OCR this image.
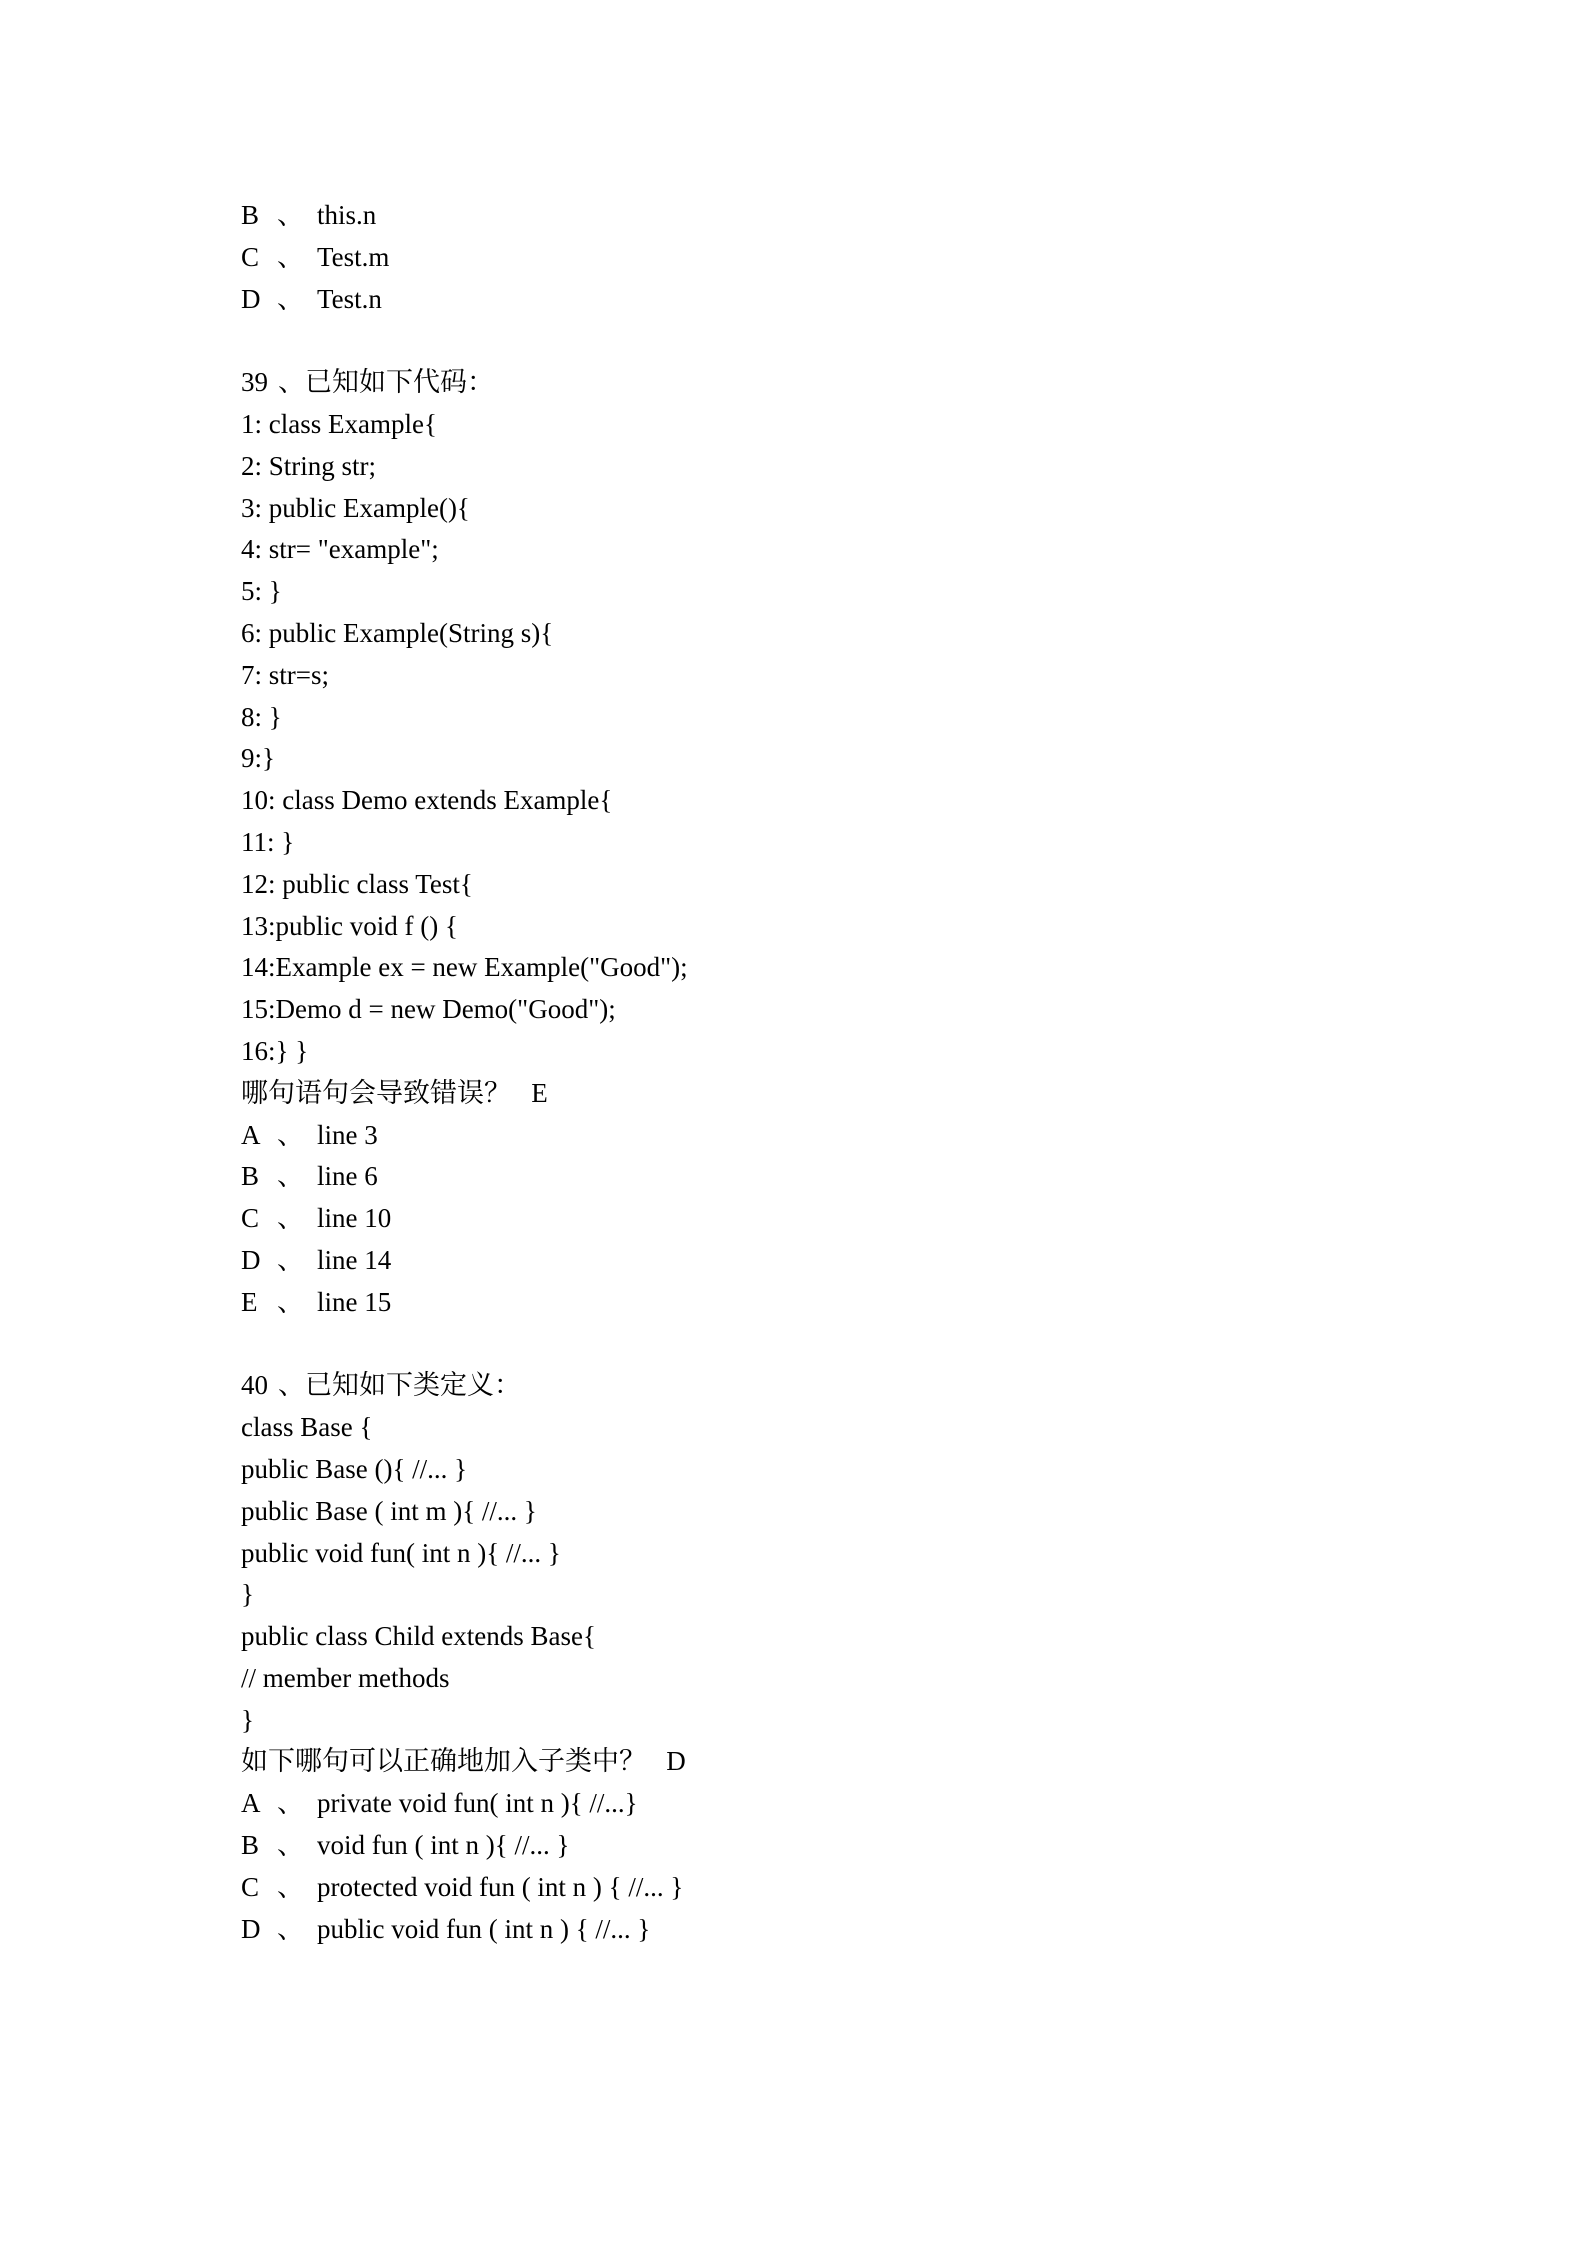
B 、 this.n
C 、 Test.m
D 、 Test.n
39 、已知如下代码：
1: class Example{
2: String str;
3: public Example(){
4: str= "example";
5: }
6: public Example(String s){
7: str=s;
8: }
9:}
10: class Demo extends Example{
11: }
12: public class Test{
13:public void f () {
14:Example ex = new Example("Good");
15:Demo d = new Demo("Good");
16:} }
哪句语句会导致错误？ E
A 、 line 3
B 、 line 6
C 、 line 10
D 、 line 14
E 、 line 15
40 、已知如下类定义：
class Base {
public Base (){ //... }
public Base ( int m ){ //... }
public void fun( int n ){ //... }
}
public class Child extends Base{
// member methods
}
如下哪句可以正确地加入子类中？ D
A 、 private void fun( int n ){ //...}
B 、 void fun ( int n ){ //... }
C 、 protected void fun ( int n ) { //... }
D 、 public void fun ( int n ) { //... }
